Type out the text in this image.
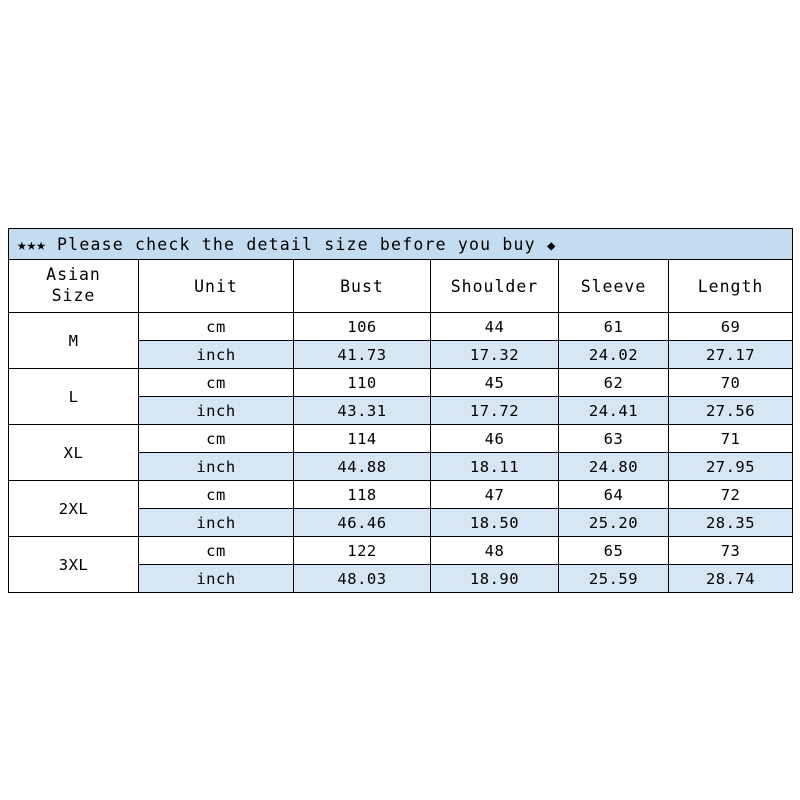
★★★ Please check the detail size before you buy ◆					

Asian
Size	Unit	Bust	Shoulder	Sleeve	Length
M	cm	106	44	61	69
	inch	41.73	17.32	24.02	27.17
L	cm	110	45	62	70
	inch	43.31	17.72	24.41	27.56
XL	cm	114	46	63	71
	inch	44.88	18.11	24.80	27.95
2XL	cm	118	47	64	72
	inch	46.46	18.50	25.20	28.35
3XL	cm	122	48	65	73
	inch	48.03	18.90	25.59	28.74
